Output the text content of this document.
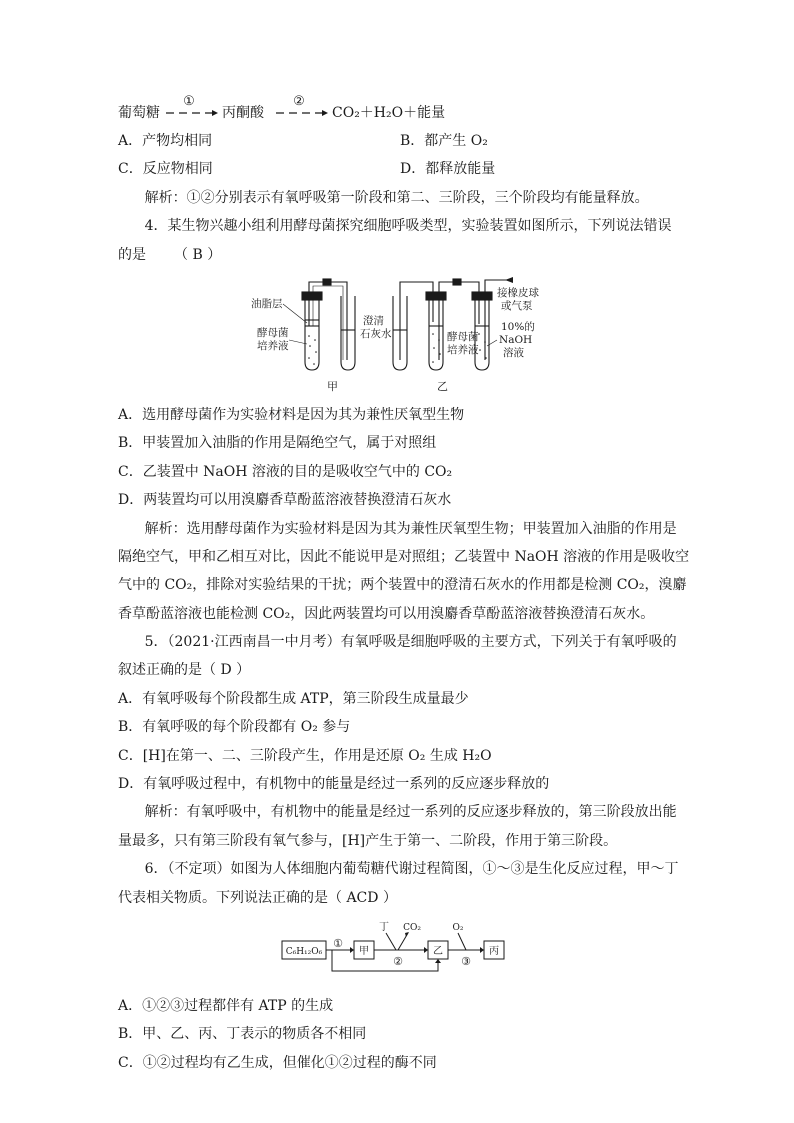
葡萄糖
①
丙酮酸
②
CO₂＋H₂O＋能量
A．产物均相同	B．都产生 O₂
C．反应物相同	D．都释放能量
解析：①②分别表示有氧呼吸第一阶段和第二、三阶段，三个阶段均有能量释放。
4．某生物兴趣小组利用酵母菌探究细胞呼吸类型，实验装置如图所示，下列说法错误
的是 （ B ）
油脂层
酵母菌
培养液
澄清
石灰水
接橡皮球
或气泵
10%的
NaOH
溶液
甲	乙
酵母菌
培养液
A．选用酵母菌作为实验材料是因为其为兼性厌氧型生物
B．甲装置加入油脂的作用是隔绝空气，属于对照组
C．乙装置中 NaOH 溶液的目的是吸收空气中的 CO₂
D．两装置均可以用溴麝香草酚蓝溶液替换澄清石灰水
解析：选用酵母菌作为实验材料是因为其为兼性厌氧型生物；甲装置加入油脂的作用是
隔绝空气，甲和乙相互对比，因此不能说甲是对照组；乙装置中 NaOH 溶液的作用是吸收空
气中的 CO₂，排除对实验结果的干扰；两个装置中的澄清石灰水的作用都是检测 CO₂，溴麝
香草酚蓝溶液也能检测 CO₂，因此两装置均可以用溴麝香草酚蓝溶液替换澄清石灰水。
5．（2021·江西南昌一中月考）有氧呼吸是细胞呼吸的主要方式，下列关于有氧呼吸的
叙述正确的是（ D ）
A．有氧呼吸每个阶段都生成 ATP，第三阶段生成量最少
B．有氧呼吸的每个阶段都有 O₂ 参与
C．[H]在第一、二、三阶段产生，作用是还原 O₂ 生成 H₂O
D．有氧呼吸过程中，有机物中的能量是经过一系列的反应逐步释放的
解析：有氧呼吸中，有机物中的能量是经过一系列的反应逐步释放的，第三阶段放出能
量最多，只有第三阶段有氧气参与，[H]产生于第一、二阶段，作用于第三阶段。
6．（不定项）如图为人体细胞内葡萄糖代谢过程简图，①～③是生化反应过程，甲～丁
代表相关物质。下列说法正确的是（ ACD ）
C₆H₁₂O₆
①
甲
丁 CO₂
②
乙
O₂
③
丙
A．①②③过程都伴有 ATP 的生成
B．甲、乙、丙、丁表示的物质各不相同
C．①②过程均有乙生成，但催化①②过程的酶不同
